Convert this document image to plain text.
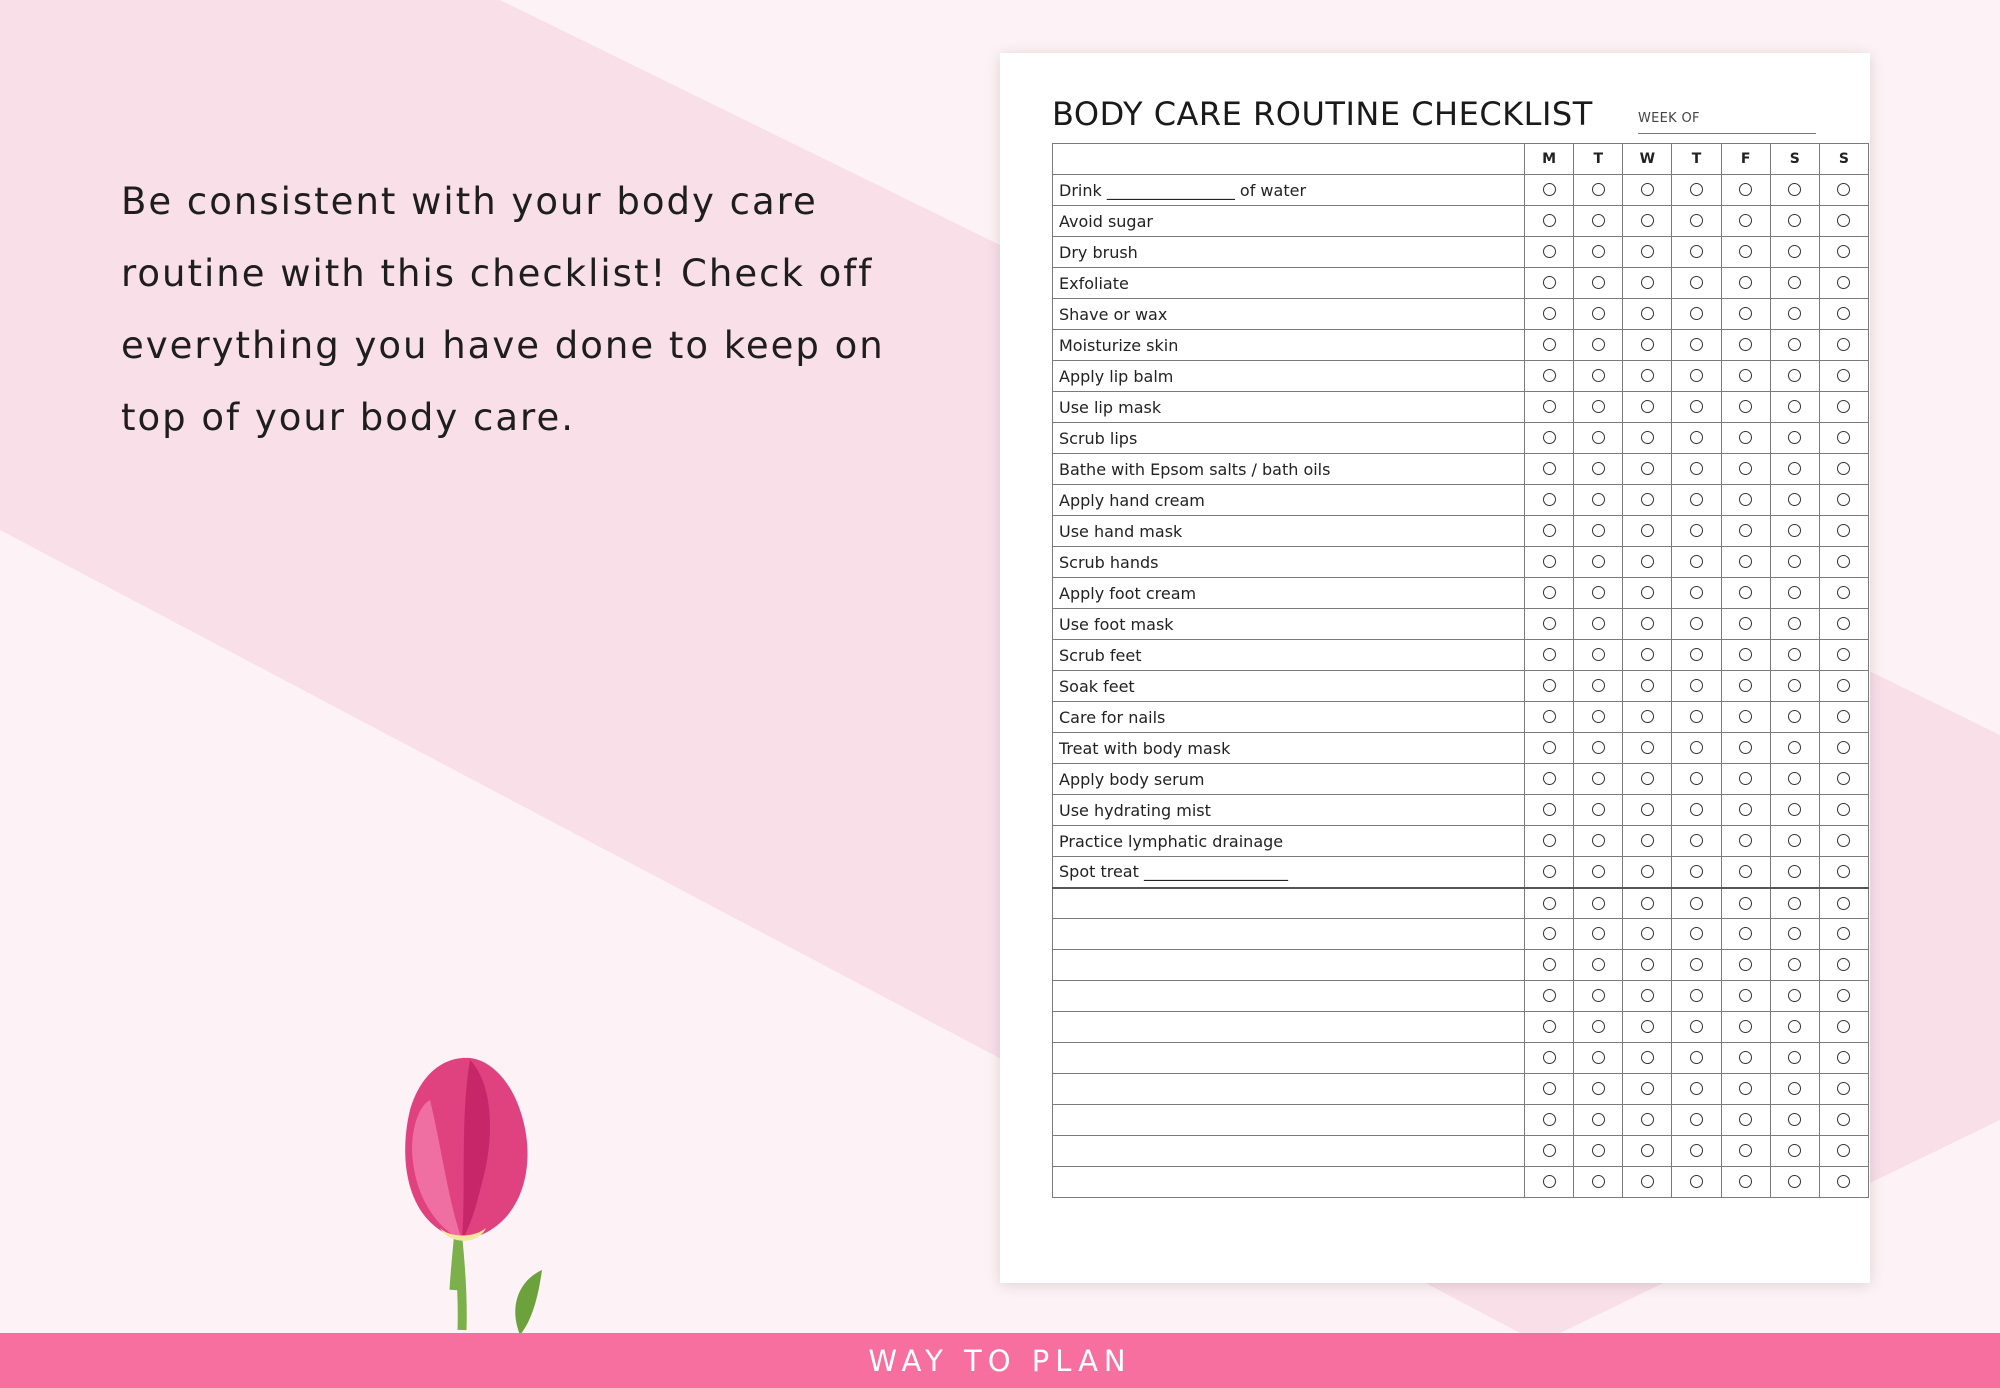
Be consistent with your body care routine with this checklist! Check off everything you have done to keep on top of your body care.

BODY CARE ROUTINE CHECKLIST	WEEK OF
	M	T	W	T	F	S	S
Drink ________________ of water							
Avoid sugar							
Dry brush							
Exfoliate							
Shave or wax							
Moisturize skin							
Apply lip balm							
Use lip mask							
Scrub lips							
Bathe with Epsom salts / bath oils							
Apply hand cream							
Use hand mask							
Scrub hands							
Apply foot cream							
Use foot mask							
Scrub feet							
Soak feet							
Care for nails							
Treat with body mask							
Apply body serum							
Use hydrating mist							
Practice lymphatic drainage							
Spot treat __________________							

WAY TO PLAN
